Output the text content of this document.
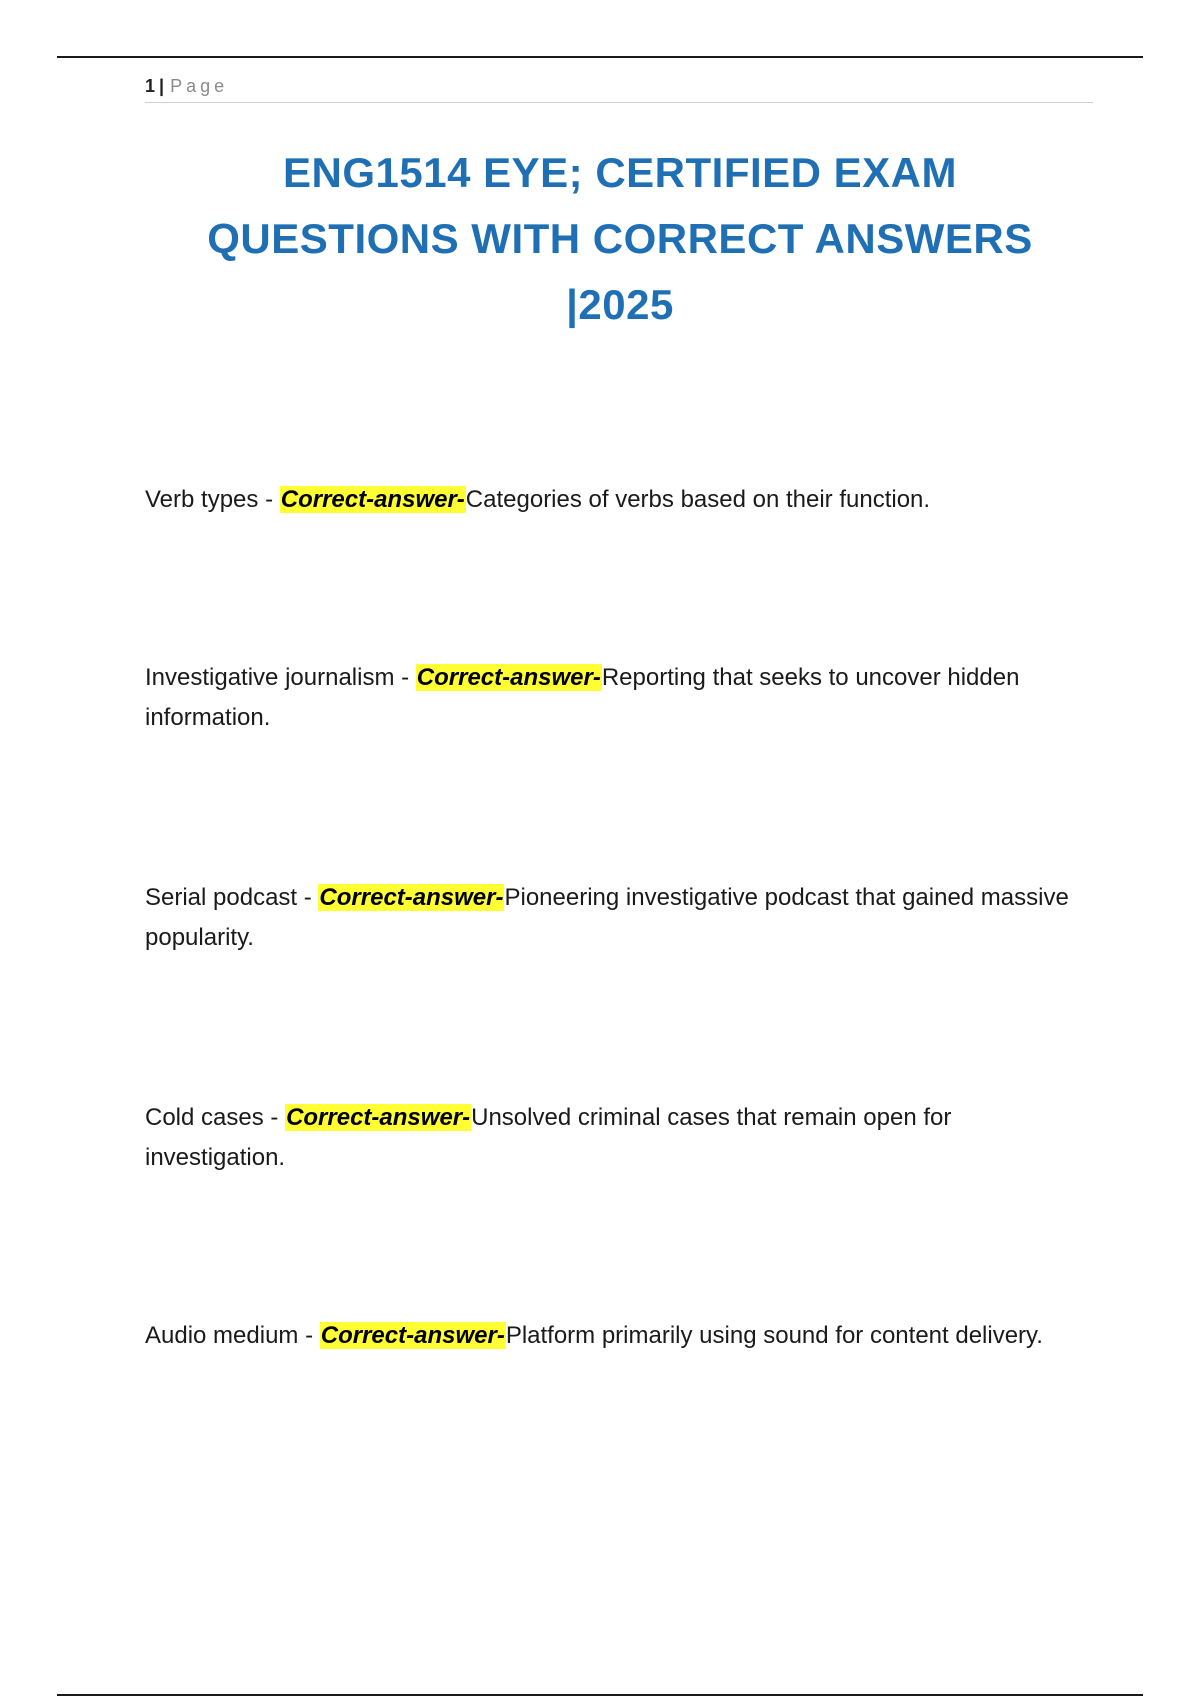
1 | Page
ENG1514 EYE; CERTIFIED EXAM
QUESTIONS WITH CORRECT ANSWERS
|2025

Verb types - Correct-answer-Categories of verbs based on their function.

Investigative journalism - Correct-answer-Reporting that seeks to uncover hidden information.

Serial podcast - Correct-answer-Pioneering investigative podcast that gained massive popularity.

Cold cases - Correct-answer-Unsolved criminal cases that remain open for investigation.

Audio medium - Correct-answer-Platform primarily using sound for content delivery.
